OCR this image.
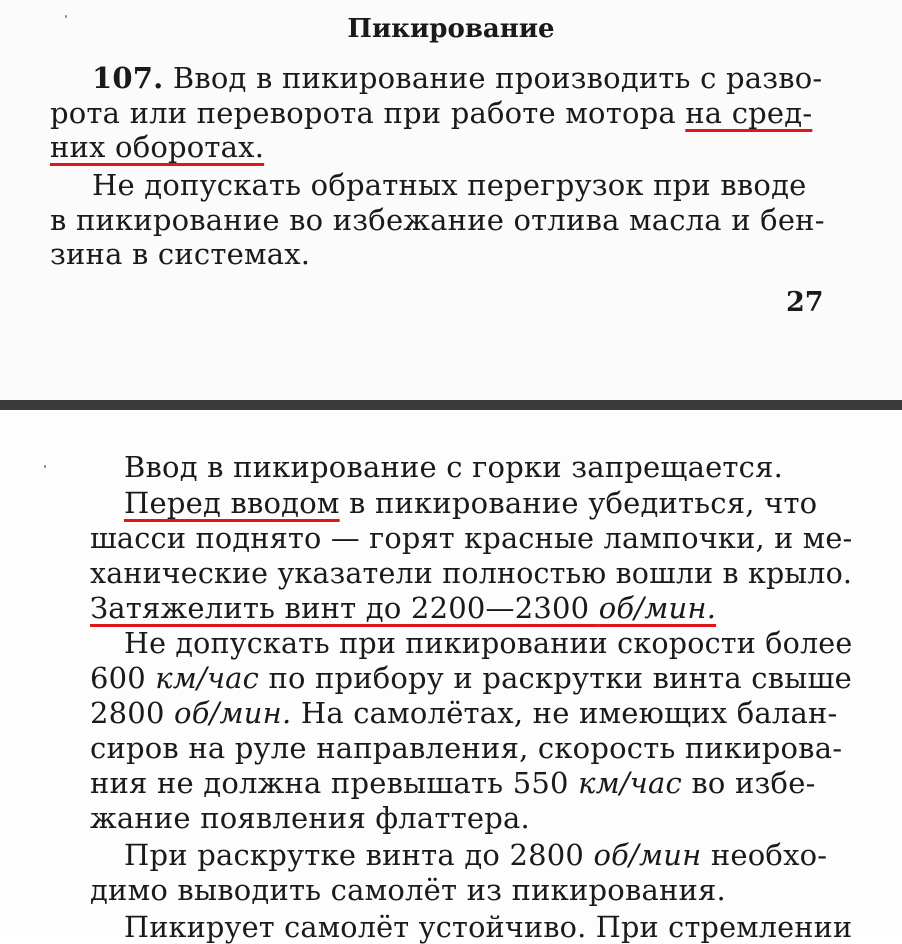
Пикирование
107. Ввод в пикирование производить с разво-
рота или переворота при работе мотора на сред-
них оборотах.
Не допускать обратных перегрузок при вводе
в пикирование во избежание отлива масла и бен-
зина в системах.
27
Ввод в пикирование с горки запрещается.
Перед вводом в пикирование убедиться, что
шасси поднято — горят красные лампочки, и ме-
ханические указатели полностью вошли в крыло.
Затяжелить винт до 2200—2300 об/мин.
Не допускать при пикировании скорости более
600 км/час по прибору и раскрутки винта свыше
2800 об/мин. На самолётах, не имеющих балан-
сиров на руле направления, скорость пикирова-
ния не должна превышать 550 км/час во избе-
жание появления флаттера.
При раскрутке винта до 2800 об/мин необхо-
димо выводить самолёт из пикирования.
Пикирует самолёт устойчиво. При стремлении
